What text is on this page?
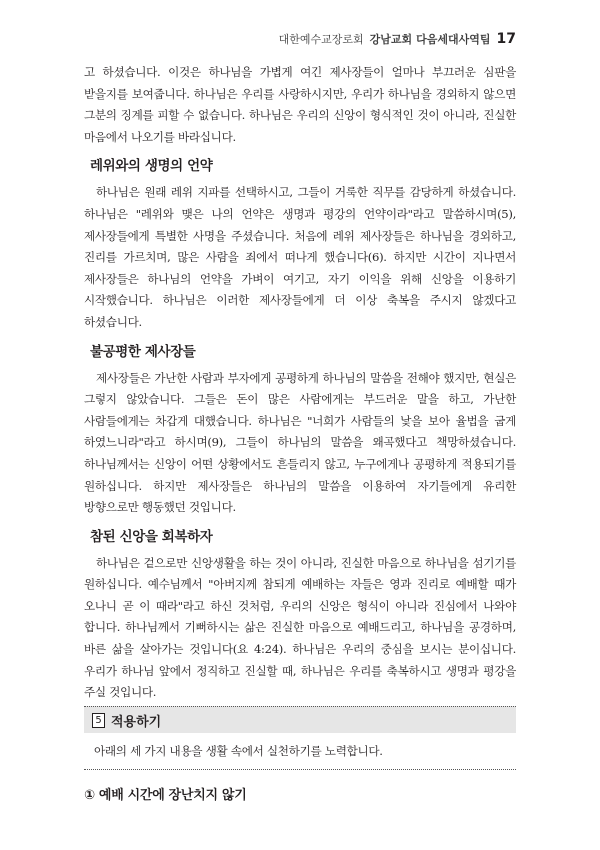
대한예수교장로회 강남교회 다음세대사역팀 17

고 하셨습니다. 이것은 하나님을 가볍게 여긴 제사장들이 얼마나 부끄러운 심판을 받을지를 보여줍니다. 하나님은 우리를 사랑하시지만, 우리가 하나님을 경외하지 않으면 그분의 징계를 피할 수 없습니다. 하나님은 우리의 신앙이 형식적인 것이 아니라, 진실한 마음에서 나오기를 바라십니다.

레위와의 생명의 언약

하나님은 원래 레위 지파를 선택하시고, 그들이 거룩한 직무를 감당하게 하셨습니다. 하나님은 "레위와 맺은 나의 언약은 생명과 평강의 언약이라"라고 말씀하시며(5), 제사장들에게 특별한 사명을 주셨습니다. 처음에 레위 제사장들은 하나님을 경외하고, 진리를 가르치며, 많은 사람을 죄에서 떠나게 했습니다(6). 하지만 시간이 지나면서 제사장들은 하나님의 언약을 가벼이 여기고, 자기 이익을 위해 신앙을 이용하기 시작했습니다. 하나님은 이러한 제사장들에게 더 이상 축복을 주시지 않겠다고 하셨습니다.

불공평한 제사장들

제사장들은 가난한 사람과 부자에게 공평하게 하나님의 말씀을 전해야 했지만, 현실은 그렇지 않았습니다. 그들은 돈이 많은 사람에게는 부드러운 말을 하고, 가난한 사람들에게는 차갑게 대했습니다. 하나님은 "너희가 사람들의 낯을 보아 율법을 굽게 하였느니라"라고 하시며(9), 그들이 하나님의 말씀을 왜곡했다고 책망하셨습니다. 하나님께서는 신앙이 어떤 상황에서도 흔들리지 않고, 누구에게나 공평하게 적용되기를 원하십니다. 하지만 제사장들은 하나님의 말씀을 이용하여 자기들에게 유리한 방향으로만 행동했던 것입니다.

참된 신앙을 회복하자

하나님은 겉으로만 신앙생활을 하는 것이 아니라, 진실한 마음으로 하나님을 섬기기를 원하십니다. 예수님께서 "아버지께 참되게 예배하는 자들은 영과 진리로 예배할 때가 오나니 곧 이 때라"라고 하신 것처럼, 우리의 신앙은 형식이 아니라 진심에서 나와야 합니다. 하나님께서 기뻐하시는 삶은 진실한 마음으로 예배드리고, 하나님을 공경하며, 바른 삶을 살아가는 것입니다(요 4:24). 하나님은 우리의 중심을 보시는 분이십니다. 우리가 하나님 앞에서 정직하고 진실할 때, 하나님은 우리를 축복하시고 생명과 평강을 주실 것입니다.

5 적용하기
아래의 세 가지 내용을 생활 속에서 실천하기를 노력합니다.
① 예배 시간에 장난치지 않기
